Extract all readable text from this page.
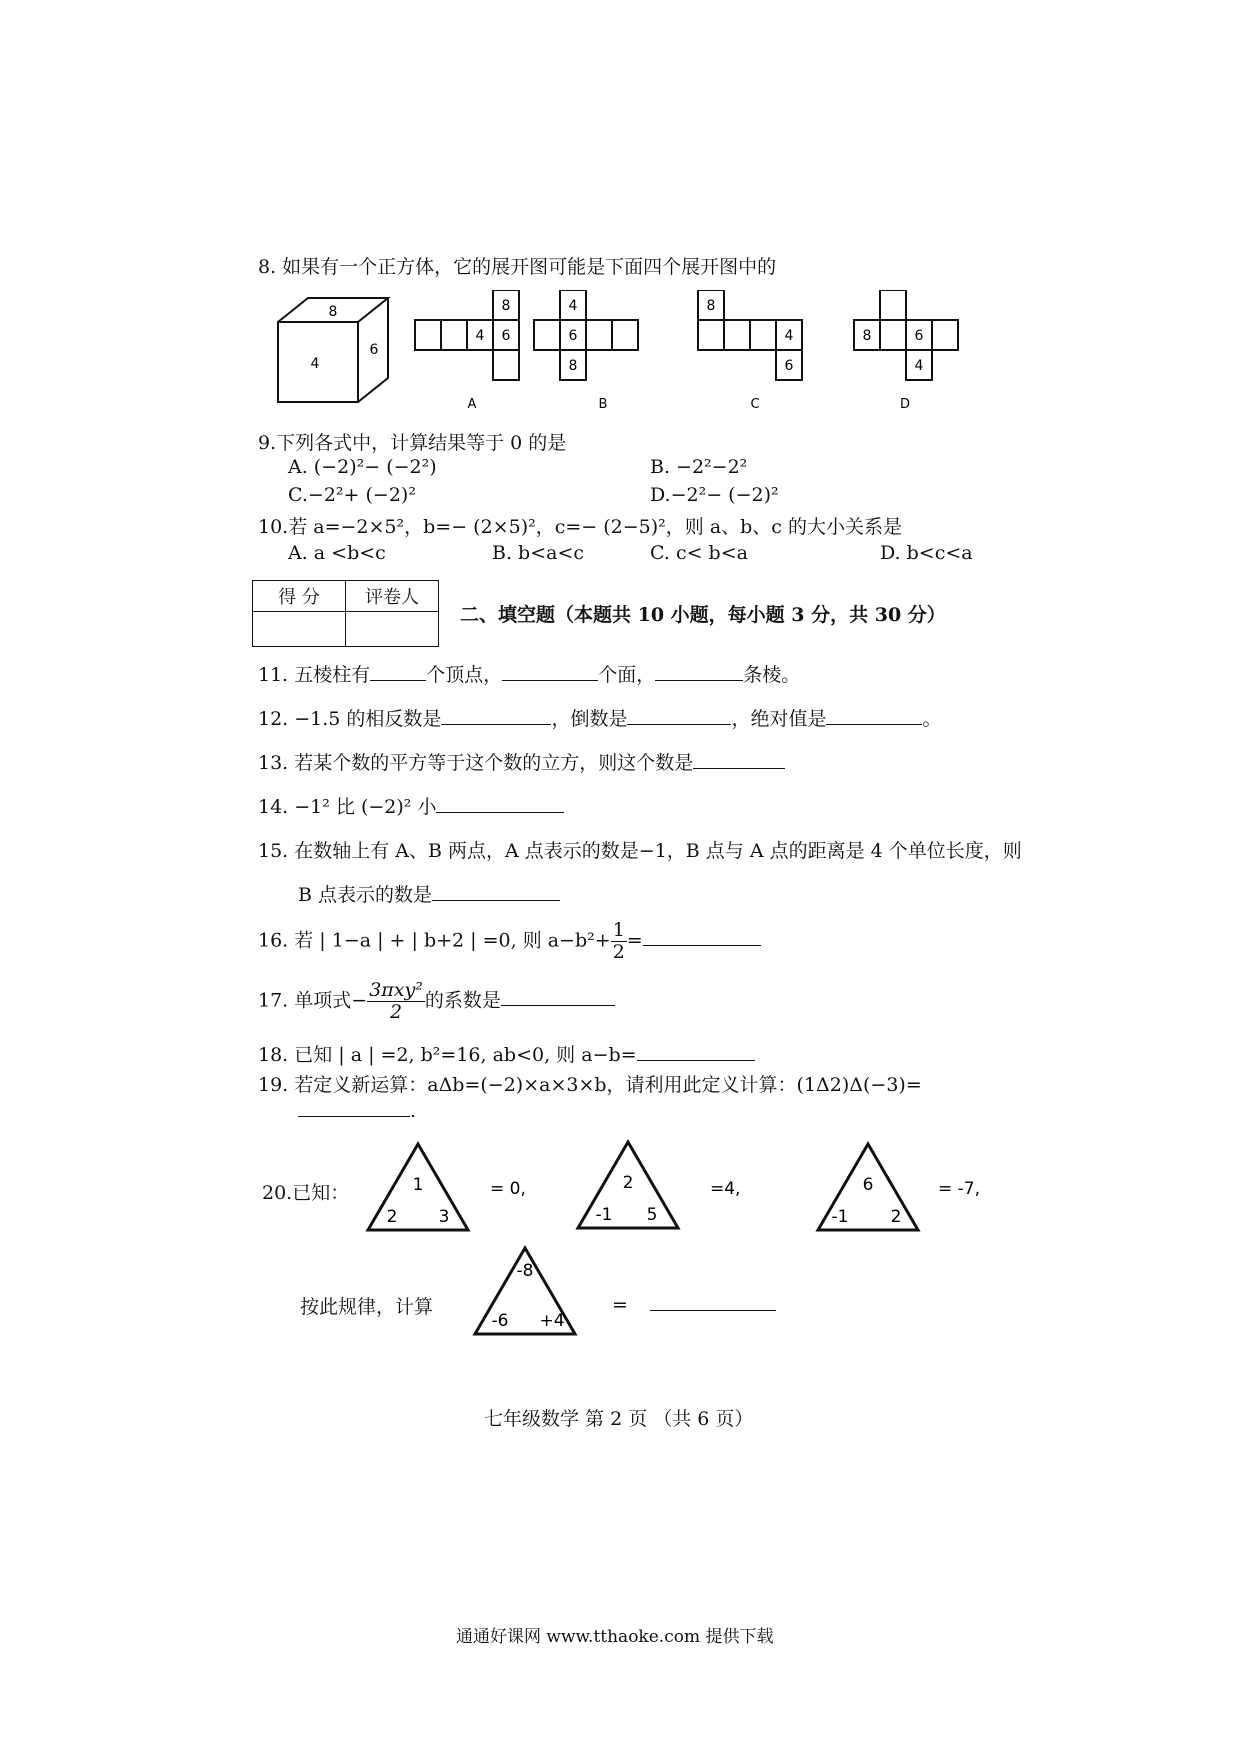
8. 如果有一个正方体，它的展开图可能是下面四个展开图中的
8
4
6
8
4 6
A
4
6
8
B
8
4
6
C
8	6
4
D
9.下列各式中，计算结果等于 0 的是
A. (−2)²− (−2²)	B. −2²−2²
C.−2²+ (−2)²	D.−2²− (−2)²
10.若 a=−2×5²，b=− (2×5)²，c=− (2−5)²，则 a、b、c 的大小关系是
A. a <b<c	B. b<a<c	C. c< b<a	D. b<c<a
得 分	评卷人

二、填空题（本题共 10 小题，每小题 3 分，共 30 分）
11. 五棱柱有	个顶点，	个面，	条棱。
12. −1.5 的相反数是	，倒数是	，绝对值是	。
13. 若某个数的平方等于这个数的立方，则这个数是
14. −1² 比 (−2)² 小
15. 在数轴上有 A、B 两点，A 点表示的数是−1，B 点与 A 点的距离是 4 个单位长度，则
B 点表示的数是
16. 若 | 1−a | + | b+2 | =0, 则 $a-b^2+ \frac{1}{2}$ =
17. 单项式− $\frac{\text{3πxy²}}{2}$ 的系数是
18. 已知 | a | =2, b²=16, ab<0, 则 a−b=
19. 若定义新运算：aΔb=(−2)×a×3×b，请利用此定义计算：(1Δ2)Δ(−3)=
.
20.已知：	1
2 3
= 0,	2
-1 5
=4,	6
-1 2
= -7,
-8
-6 +4
按此规律，计算	=
七年级数学 第 2 页 （共 6 页）
通通好课网 www.tthaoke.com 提供下载
